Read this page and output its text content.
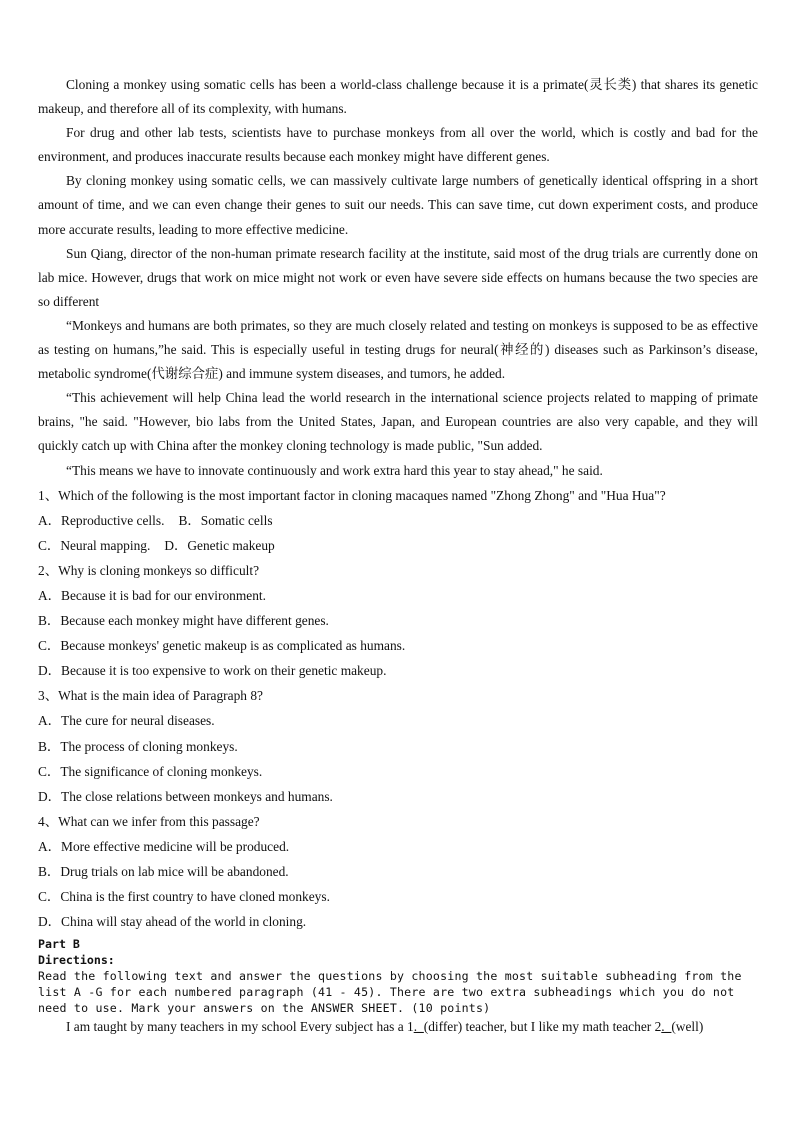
Cloning a monkey using somatic cells has been a world-class challenge because it is a primate(灵长类) that shares its genetic makeup, and therefore all of its complexity, with humans.

For drug and other lab tests, scientists have to purchase monkeys from all over the world, which is costly and bad for the environment, and produces inaccurate results because each monkey might have different genes.

By cloning monkey using somatic cells, we can massively cultivate large numbers of genetically identical offspring in a short amount of time, and we can even change their genes to suit our needs. This can save time, cut down experiment costs, and produce more accurate results, leading to more effective medicine.

Sun Qiang, director of the non-human primate research facility at the institute, said most of the drug trials are currently done on lab mice. However, drugs that work on mice might not work or even have severe side effects on humans because the two species are so different

“Monkeys and humans are both primates, so they are much closely related and testing on monkeys is supposed to be as effective as testing on humans,”he said. This is especially useful in testing drugs for neural(神经的) diseases such as Parkinson’s disease, metabolic syndrome(代谢综合症) and immune system diseases, and tumors, he added.

“This achievement will help China lead the world research in the international science projects related to mapping of primate brains, "he said. "However, bio labs from the United States, Japan, and European countries are also very capable, and they will quickly catch up with China after the monkey cloning technology is made public, "Sun added.

“This means we have to innovate continuously and work extra hard this year to stay ahead," he said.

1、Which of the following is the most important factor in cloning macaques named "Zhong Zhong" and "Hua Hua"?

A．Reproductive cells. B．Somatic cells

C．Neural mapping. D．Genetic makeup

2、Why is cloning monkeys so difficult?

A．Because it is bad for our environment.

B．Because each monkey might have different genes.

C．Because monkeys' genetic makeup is as complicated as humans.

D．Because it is too expensive to work on their genetic makeup.

3、What is the main idea of Paragraph 8?

A．The cure for neural diseases.

B．The process of cloning monkeys.

C．The significance of cloning monkeys.

D．The close relations between monkeys and humans.

4、What can we infer from this passage?

A．More effective medicine will be produced.

B．Drug trials on lab mice will be abandoned.

C．China is the first country to have cloned monkeys.

D．China will stay ahead of the world in cloning.

Part B

Directions:

Read the following text and answer the questions by choosing the most suitable subheading from the list A -G for each numbered paragraph (41 - 45). There are two extra subheadings which you do not need to use. Mark your answers on the ANSWER SHEET. (10 points)

I am taught by many teachers in my school Every subject has a 1._(differ) teacher, but I like my math teacher 2._(well)
